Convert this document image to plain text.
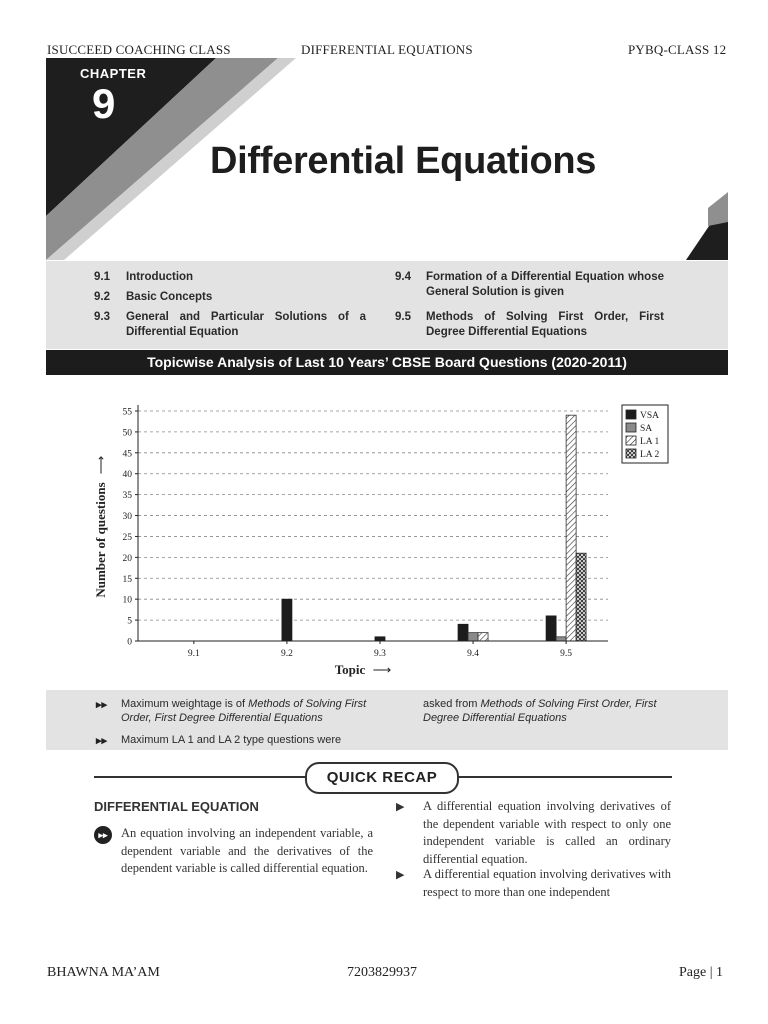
ISUCCEED COACHING CLASS	DIFFERENTIAL EQUATIONS	PYBQ-CLASS 12
CHAPTER
9
Differential Equations
9.1 Introduction
9.2 Basic Concepts
9.3 General and Particular Solutions of a Differential Equation
9.4 Formation of a Differential Equation whose General Solution is given
9.5 Methods of Solving First Order, First Degree Differential Equations
Topicwise Analysis of Last 10 Years’ CBSE Board Questions (2020-2011)
0
5
10
15
20
25
30
35
40
45
50
55
9.1	9.2	9.3	9.4	9.5
Number of questions
⟶
Topic ⟶
VSA
SA
LA 1
LA 2
▸▸ Maximum weightage is of Methods of Solving First Order, First Degree Differential Equations
▸▸ Maximum LA 1 and LA 2 type questions were
asked from Methods of Solving First Order, First Degree Differential Equations
QUICK RECAP
DIFFERENTIAL EQUATION
▸▸	An equation involving an independent variable, a dependent variable and the derivatives of the dependent variable is called differential equation.
▶ A differential equation involving derivatives of the dependent variable with respect to only one independent variable is called an ordinary differential equation.
▶ A differential equation involving derivatives with respect to more than one independent
BHAWNA MA’AM	7203829937	Page | 1
